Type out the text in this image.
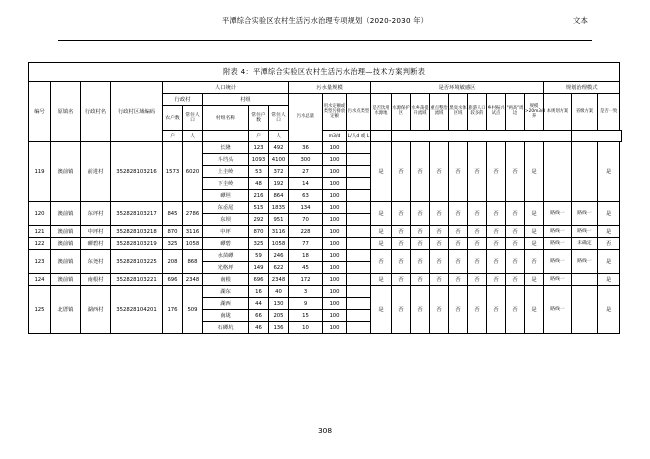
平潭综合实验区农村生活污水治理专项规划（2020-2030 年）	文本
附表 4：平潭综合实验区农村生活污水治理—技术方案判断表																							
编号	原镇名	行政村名	行政村区域编码	人口统计					污水量规模			是否环境敏感区									规划治理模式		
				行政村		村组			污水总量	用水定额或类型污排放定额	污水点类型	是否饮用水源地	水源保护区	水乡荡提升流域	重点整治流域	黑臭水体区域	旅游人口较多的	乡村振兴试点	"两高"周边	规模>20m3/d 养	本规划方案	省级方案	是否一致
				农户数	常住人口	村组名称	常住户数	常住人口															
				户	人		户	人		m3/d	L/人d 或 L												
119	澳前镇	前进村	352828103216	1573	6020	长隆	123	492	36	100		是	否	否	否	否	否	否	否	是			是
						斗垱头	1093	4100	300	100													
						上圭岭	53	372	27	100													
						下圭岭	48	192	14	100													
						磹坦	216	864	63	100													
120	澳前镇	东坪村	352828103217	845	2786	东岙尾	515	1835	134	100		是	否	否	否	否	否	否	否	是	路线一	路线一	是
						东坝	292	951	70	100													
121	澳前镇	中坪村	352828103218	870	3116	中坪	870	3116	228	100		是	否	否	否	否	否	否	否	是	路线一	路线一	是
122	澳前镇	磹碧村	352828103219	325	1058	磹碧	325	1058	77	100		是	否	否	否	否	否	否	否	是	路线一	未确定	否
123	澳前镇	东尧村	352828103225	208	868	水苗磹	59	246	18	100		否	否	否	否	否	否	否	否	否	路线一	路线一	是
						光格坪	149	622	45	100													
124	澳前镇	南根村	352828103221	696	2348	南根	696	2348	172	100		是	否	否	否	否	否	否	否	是	路线一		是
125	北厝镇	湖西村	352828104201	176	509	湖东	16	40	3	100		是	否	否	否	否	否	否	否	是	路线一		是
						湖西	44	130	9	100													
						南垅	66	205	15	100													
						石磹坑	46	136	10	100													
308
